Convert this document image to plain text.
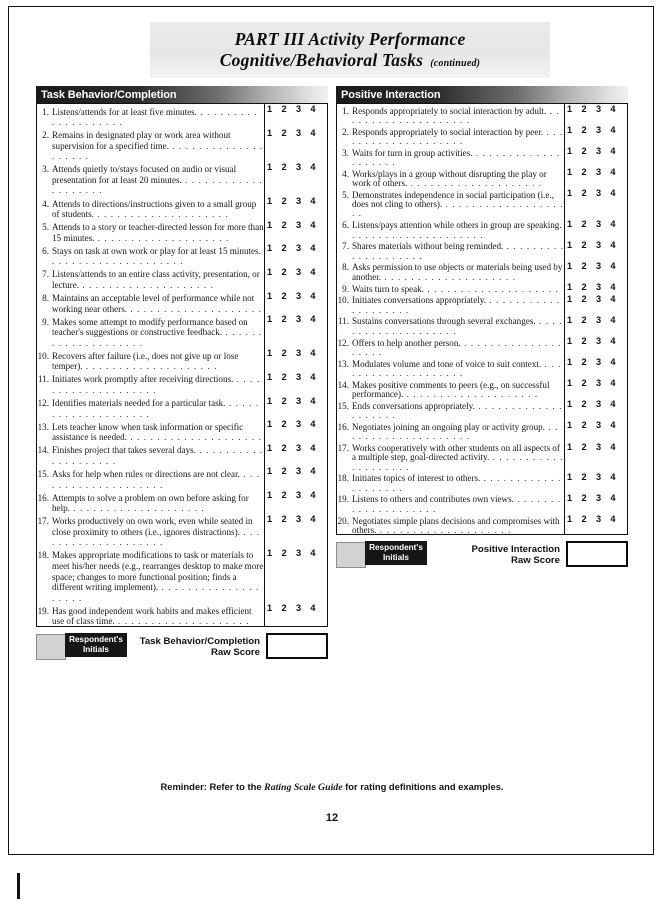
PART III Activity Performance
Cognitive/Behavioral Tasks (continued)
Task Behavior/Completion
1. Listens/attends for at least five minutes. . . . . . . . . . . . . . . . . . . . .	1 2 3 4

2. Remains in designated play or work area without supervision for a specified time. . . . . . . . . . . . . . . . . . . . .	1 2 3 4

3. Attends quietly to/stays focused on audio or visual presentation for at least 20 minutes. . . . . . . . . . . . . . . . . . . . .	1 2 3 4

4. Attends to directions/instructions given to a small group of students. . . . . . . . . . . . . . . . . . . . .	1 2 3 4

5. Attends to a story or teacher-directed lesson for more than 15 minutes. . . . . . . . . . . . . . . . . . . . .	1 2 3 4

6. Stays on task at own work or play for at least 15 minutes. . . . . . . . . . . . . . . . . . . . .	1 2 3 4

7. Listens/attends to an entire class activity, presentation, or lecture. . . . . . . . . . . . . . . . . . . . .	1 2 3 4

8. Maintains an acceptable level of performance while not working near others. . . . . . . . . . . . . . . . . . . . .	1 2 3 4

9. Makes some attempt to modify performance based on teacher's suggestions or constructive feedback. . . . . . . . . . . . . . . . . . . . .	1 2 3 4

10. Recovers after failure (i.e., does not give up or lose temper). . . . . . . . . . . . . . . . . . . . .	1 2 3 4

11. Initiates work promptly after receiving directions. . . . . . . . . . . . . . . . . . . . .	1 2 3 4

12. Identifies materials needed for a particular task. . . . . . . . . . . . . . . . . . . . .	1 2 3 4

13. Lets teacher know when task information or specific assistance is needed. . . . . . . . . . . . . . . . . . . . .	1 2 3 4

14. Finishes project that takes several days. . . . . . . . . . . . . . . . . . . . .	1 2 3 4

15. Asks for help when rules or directions are not clear. . . . . . . . . . . . . . . . . . . . .	1 2 3 4

16. Attempts to solve a problem on own before asking for help. . . . . . . . . . . . . . . . . . . . .	1 2 3 4

17. Works productively on own work, even while seated in close proximity to others (i.e., ignores distractions). . . . . . . . . . . . . . . . . . . . .	1 2 3 4

18. Makes appropriate modifications to task or materials to meet his/her needs (e.g., rearranges desktop to make more space; changes to more functional position; finds a different writing implement). . . . . . . . . . . . . . . . . . . . .	1 2 3 4

19. Has good independent work habits and makes efficient use of class time. . . . . . . . . . . . . . . . . . . . .	1 2 3 4
Respondent's
Initials
Task Behavior/Completion
Raw Score
Positive Interaction
1. Responds appropriately to social interaction by adult. . . . . . . . . . . . . . . . . . . . .	1 2 3 4

2. Responds appropriately to social interaction by peer. . . . . . . . . . . . . . . . . . . . .	1 2 3 4

3. Waits for turn in group activities. . . . . . . . . . . . . . . . . . . . .	1 2 3 4

4. Works/plays in a group without disrupting the play or work of others. . . . . . . . . . . . . . . . . . . . .	1 2 3 4

5. Demonstrates independence in social participation (i.e., does not cling to others). . . . . . . . . . . . . . . . . . . . .	1 2 3 4

6. Listens/pays attention while others in group are speaking. . . . . . . . . . . . . . . . . . . . .	1 2 3 4

7. Shares materials without being reminded. . . . . . . . . . . . . . . . . . . . .	1 2 3 4

8. Asks permission to use objects or materials being used by another. . . . . . . . . . . . . . . . . . . . .	1 2 3 4

9. Waits turn to speak. . . . . . . . . . . . . . . . . . . . .	1 2 3 4

10. Initiates conversations appropriately. . . . . . . . . . . . . . . . . . . . .	1 2 3 4

11. Sustains conversations through several exchanges. . . . . . . . . . . . . . . . . . . . .	1 2 3 4

12. Offers to help another person. . . . . . . . . . . . . . . . . . . . .	1 2 3 4

13. Modulates volume and tone of voice to suit context. . . . . . . . . . . . . . . . . . . . .	1 2 3 4

14. Makes positive comments to peers (e.g., on successful performance). . . . . . . . . . . . . . . . . . . . .	1 2 3 4

15. Ends conversations appropriately. . . . . . . . . . . . . . . . . . . . .	1 2 3 4

16. Negotiates joining an ongoing play or activity group. . . . . . . . . . . . . . . . . . . . .	1 2 3 4

17. Works cooperatively with other students on all aspects of a multiple step, goal-directed activity. . . . . . . . . . . . . . . . . . . . .	1 2 3 4

18. Initiates topics of interest to others. . . . . . . . . . . . . . . . . . . . .	1 2 3 4

19. Listens to others and contributes own views. . . . . . . . . . . . . . . . . . . . .	1 2 3 4

20. Negotiates simple plans decisions and compromises with others. . . . . . . . . . . . . . . . . . . . .	1 2 3 4
Respondent's
Initials
Positive Interaction
Raw Score
Reminder: Refer to the Rating Scale Guide for rating definitions and examples.
12
